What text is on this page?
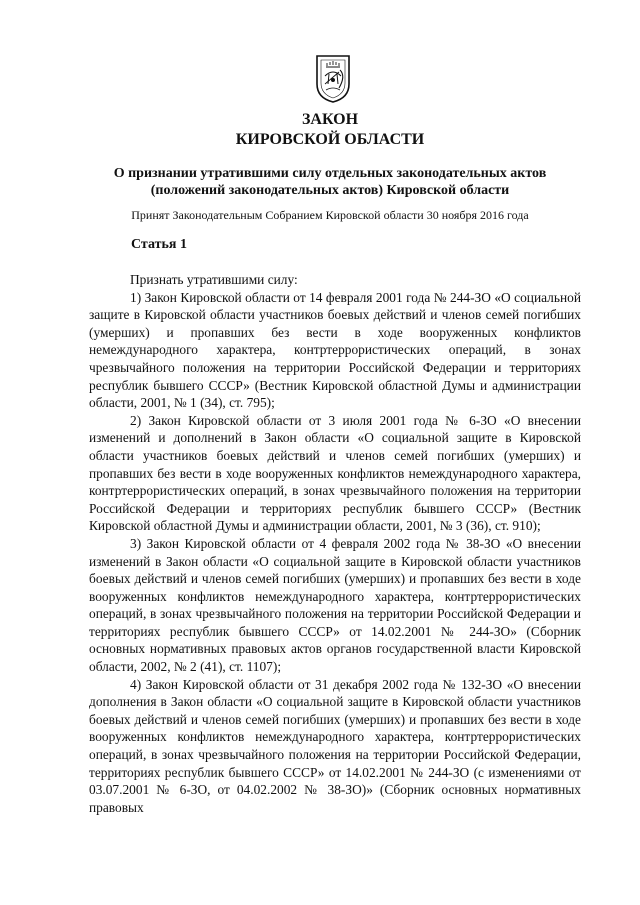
ЗАКОН
КИРОВСКОЙ ОБЛАСТИ
О признании утратившими силу отдельных законодательных актов
(положений законодательных актов) Кировской области
Принят Законодательным Собранием Кировской области 30 ноября 2016 года
Статья 1

Признать утратившими силу:

1) Закон Кировской области от 14 февраля 2001 года № 244-ЗО «О социальной защите в Кировской области участников боевых действий и членов семей погибших (умерших) и пропавших без вести в ходе вооруженных конфликтов немеждународного характера, контртеррористических операций, в зонах чрезвычайного положения на территории Российской Федерации и территориях республик бывшего СССР» (Вестник Кировской областной Думы и администрации области, 2001, № 1 (34), ст. 795);

2) Закон Кировской области от 3 июля 2001 года № 6-ЗО «О внесении изменений и дополнений в Закон области «О социальной защите в Кировской области участников боевых действий и членов семей погибших (умерших) и пропавших без вести в ходе вооруженных конфликтов немеждународного характера, контртеррористических операций, в зонах чрезвычайного положения на территории Российской Федерации и территориях республик бывшего СССР» (Вестник Кировской областной Думы и администрации области, 2001, № 3 (36), ст. 910);

3) Закон Кировской области от 4 февраля 2002 года № 38-ЗО «О внесении изменений в Закон области «О социальной защите в Кировской области участников боевых действий и членов семей погибших (умерших) и пропавших без вести в ходе вооруженных конфликтов немеждународного характера, контртеррористических операций, в зонах чрезвычайного положения на территории Российской Федерации и территориях республик бывшего СССР» от 14.02.2001 № 244-ЗО» (Сборник основных нормативных правовых актов органов государственной власти Кировской области, 2002, № 2 (41), ст. 1107);

4) Закон Кировской области от 31 декабря 2002 года № 132-ЗО «О внесении дополнения в Закон области «О социальной защите в Кировской области участников боевых действий и членов семей погибших (умерших) и пропавших без вести в ходе вооруженных конфликтов немеждународного характера, контртеррористических операций, в зонах чрезвычайного положения на территории Российской Федерации, территориях республик бывшего СССР» от 14.02.2001 № 244-ЗО (с изменениями от 03.07.2001 № 6-ЗО, от 04.02.2002 № 38-ЗО)» (Сборник основных нормативных правовых
